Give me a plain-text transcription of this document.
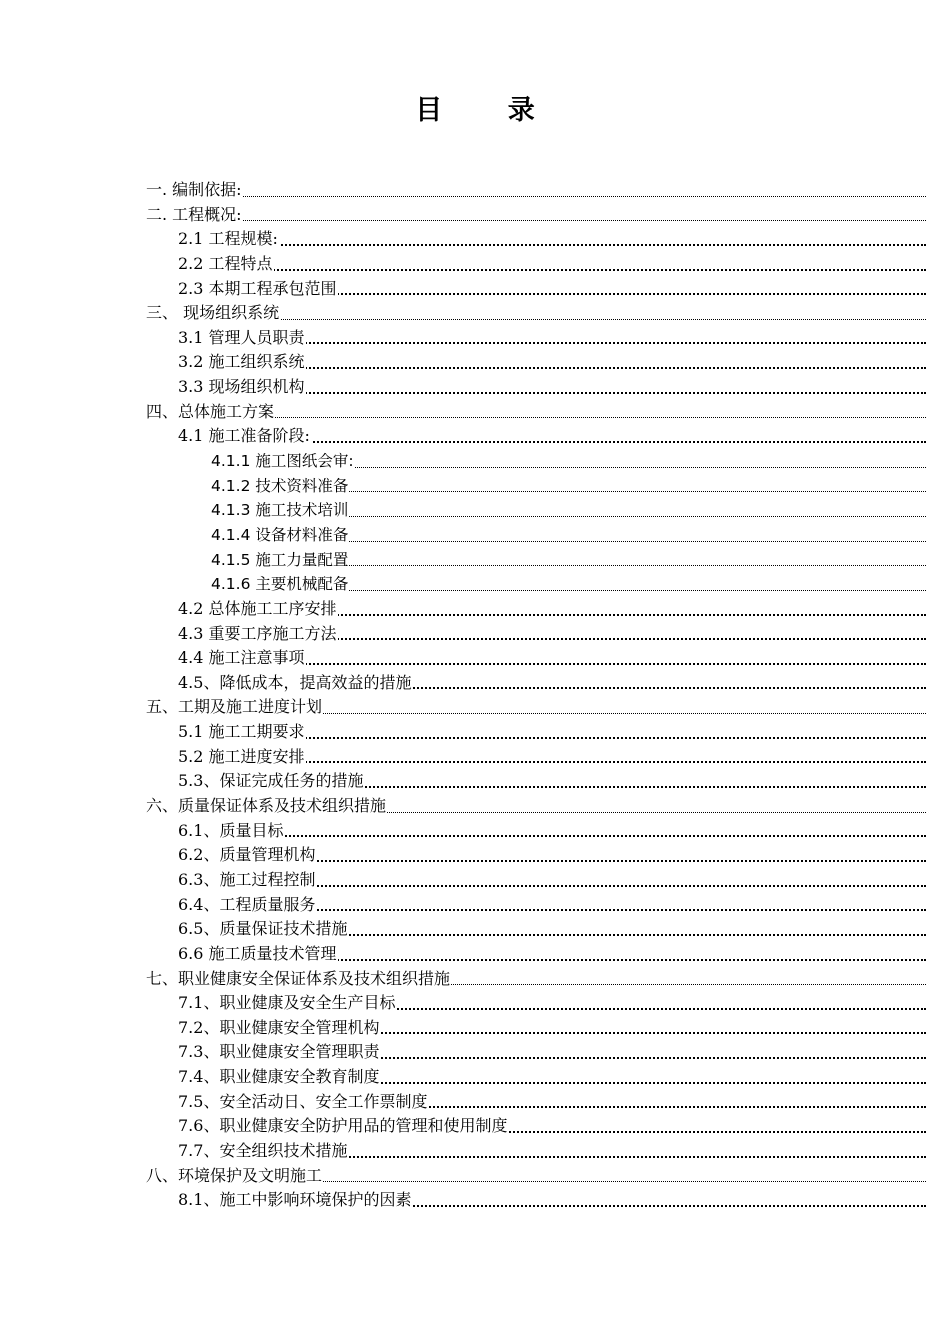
目 录
一. 编制依据:
二. 工程概况:
2.1 工程规模:
2.2 工程特点
2.3 本期工程承包范围
三、 现场组织系统
3.1 管理人员职责
3.2 施工组织系统
3.3 现场组织机构
四、总体施工方案
4.1 施工准备阶段:
4.1.1 施工图纸会审:
4.1.2 技术资料准备
4.1.3 施工技术培训
4.1.4 设备材料准备
4.1.5 施工力量配置
4.1.6 主要机械配备
4.2 总体施工工序安排
4.3 重要工序施工方法
4.4 施工注意事项
4.5、降低成本，提高效益的措施
五、工期及施工进度计划
5.1 施工工期要求
5.2 施工进度安排
5.3、保证完成任务的措施
六、质量保证体系及技术组织措施
6.1、质量目标
6.2、质量管理机构
6.3、施工过程控制
6.4、工程质量服务
6.5、质量保证技术措施
6.6 施工质量技术管理
七、职业健康安全保证体系及技术组织措施
7.1、职业健康及安全生产目标
7.2、职业健康安全管理机构
7.3、职业健康安全管理职责
7.4、职业健康安全教育制度
7.5、安全活动日、安全工作票制度
7.6、职业健康安全防护用品的管理和使用制度
7.7、安全组织技术措施
八、环境保护及文明施工
8.1、施工中影响环境保护的因素
